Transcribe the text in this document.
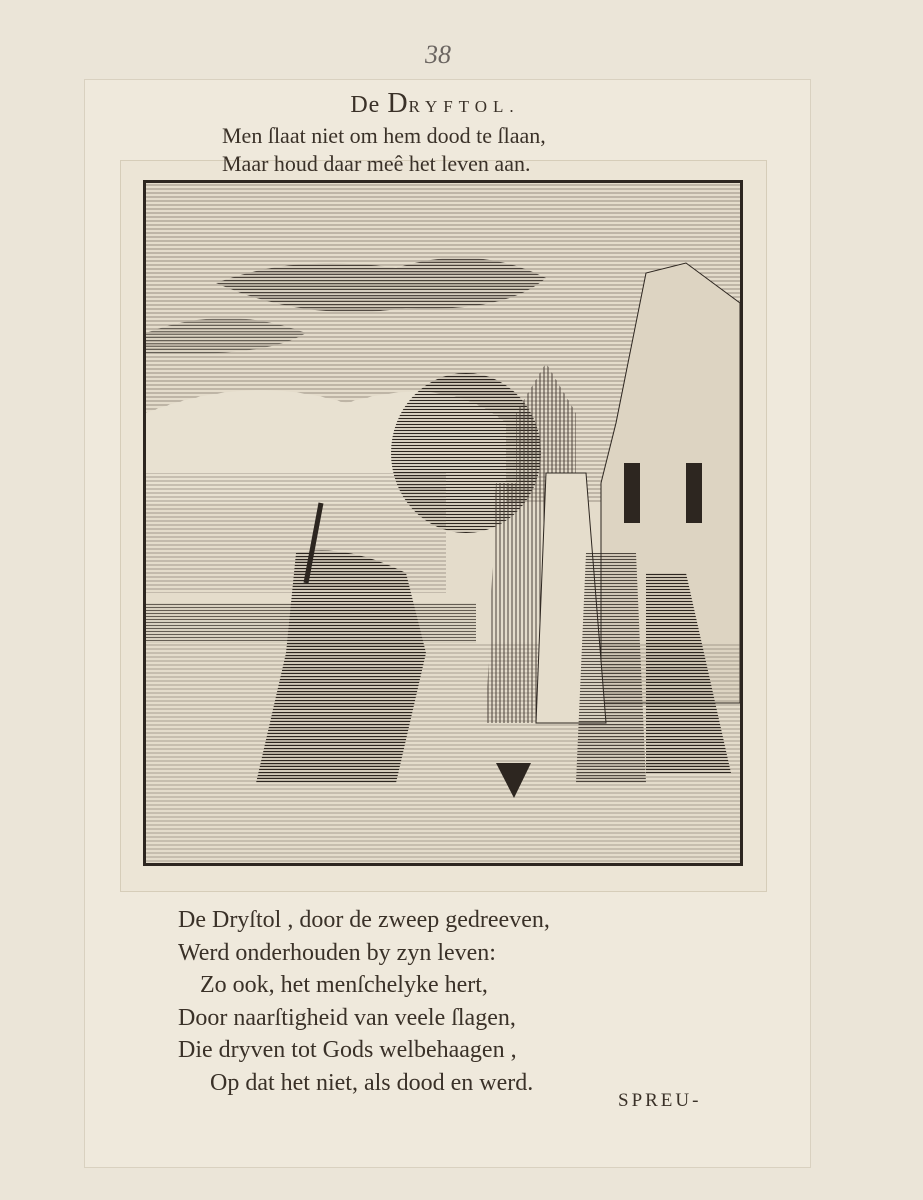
38
De DRYFTOL.
Men ſlaat niet om hem dood te ſlaan,
Maar houd daar meê het leven aan.
De Dryſtol , door de zweep gedreeven,
Werd onderhouden by zyn leven:
Zo ook, het menſchelyke hert,
Door naarſtigheid van veele ſlagen,
Die dryven tot Gods welbehaagen ,
Op dat het niet, als dood en werd.
SPREU-
